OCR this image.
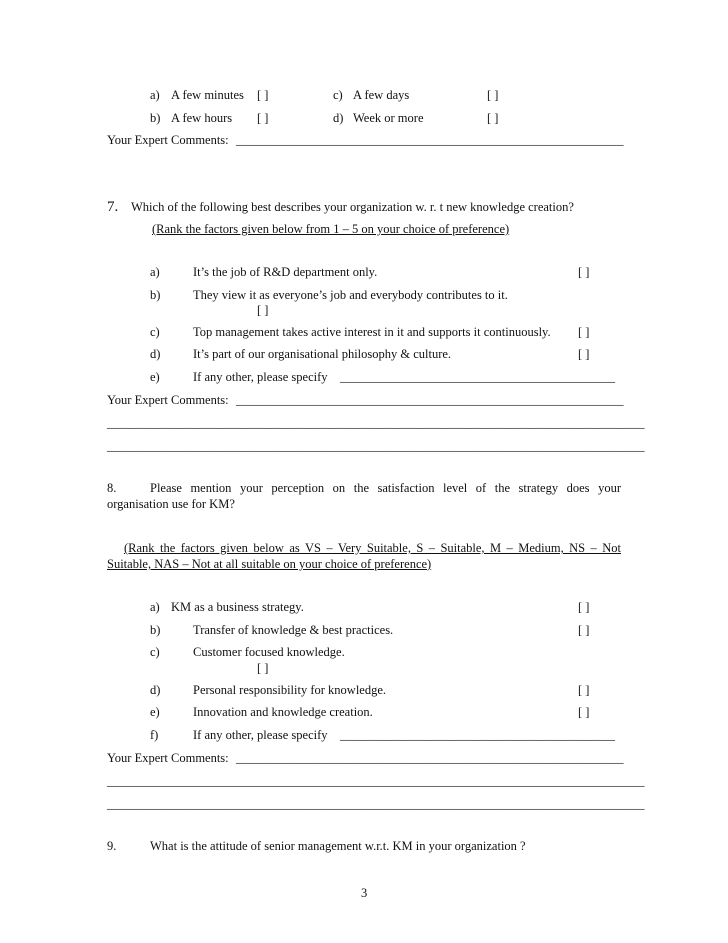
a) A few minutes [ ]	c) A few days	[ ]
b) A few hours [ ]	d) Week or more	[ ]
Your Expert Comments: ______________________________________________________________
7. Which of the following best describes your organization w. r. t new knowledge creation?
(Rank the factors given below from 1 – 5 on your choice of preference)
a)	It’s the job of R&D department only.	[ ]
b)	They view it as everyone’s job and everybody contributes to it.
[ ]
c)	Top management takes active interest in it and supports it continuously. [ ]
d)	It’s part of our organisational philosophy & culture.	[ ]
e)	If any other, please specify ____________________________________________
Your Expert Comments: ______________________________________________________________
______________________________________________________________________________________
______________________________________________________________________________________
8.	Please mention your perception on the satisfaction level of the strategy does your
organisation use for KM?
(Rank the factors given below as VS – Very Suitable, S – Suitable, M – Medium, NS – Not
Suitable, NAS – Not at all suitable on your choice of preference)
a) KM as a business strategy.	[ ]
b)	Transfer of knowledge & best practices.	[ ]
c)	Customer focused knowledge.
[ ]
d)	Personal responsibility for knowledge.	[ ]
e)	Innovation and knowledge creation.	[ ]
f)	If any other, please specify ____________________________________________
Your Expert Comments: ______________________________________________________________
______________________________________________________________________________________
______________________________________________________________________________________
9.	What is the attitude of senior management w.r.t. KM in your organization ?
3
